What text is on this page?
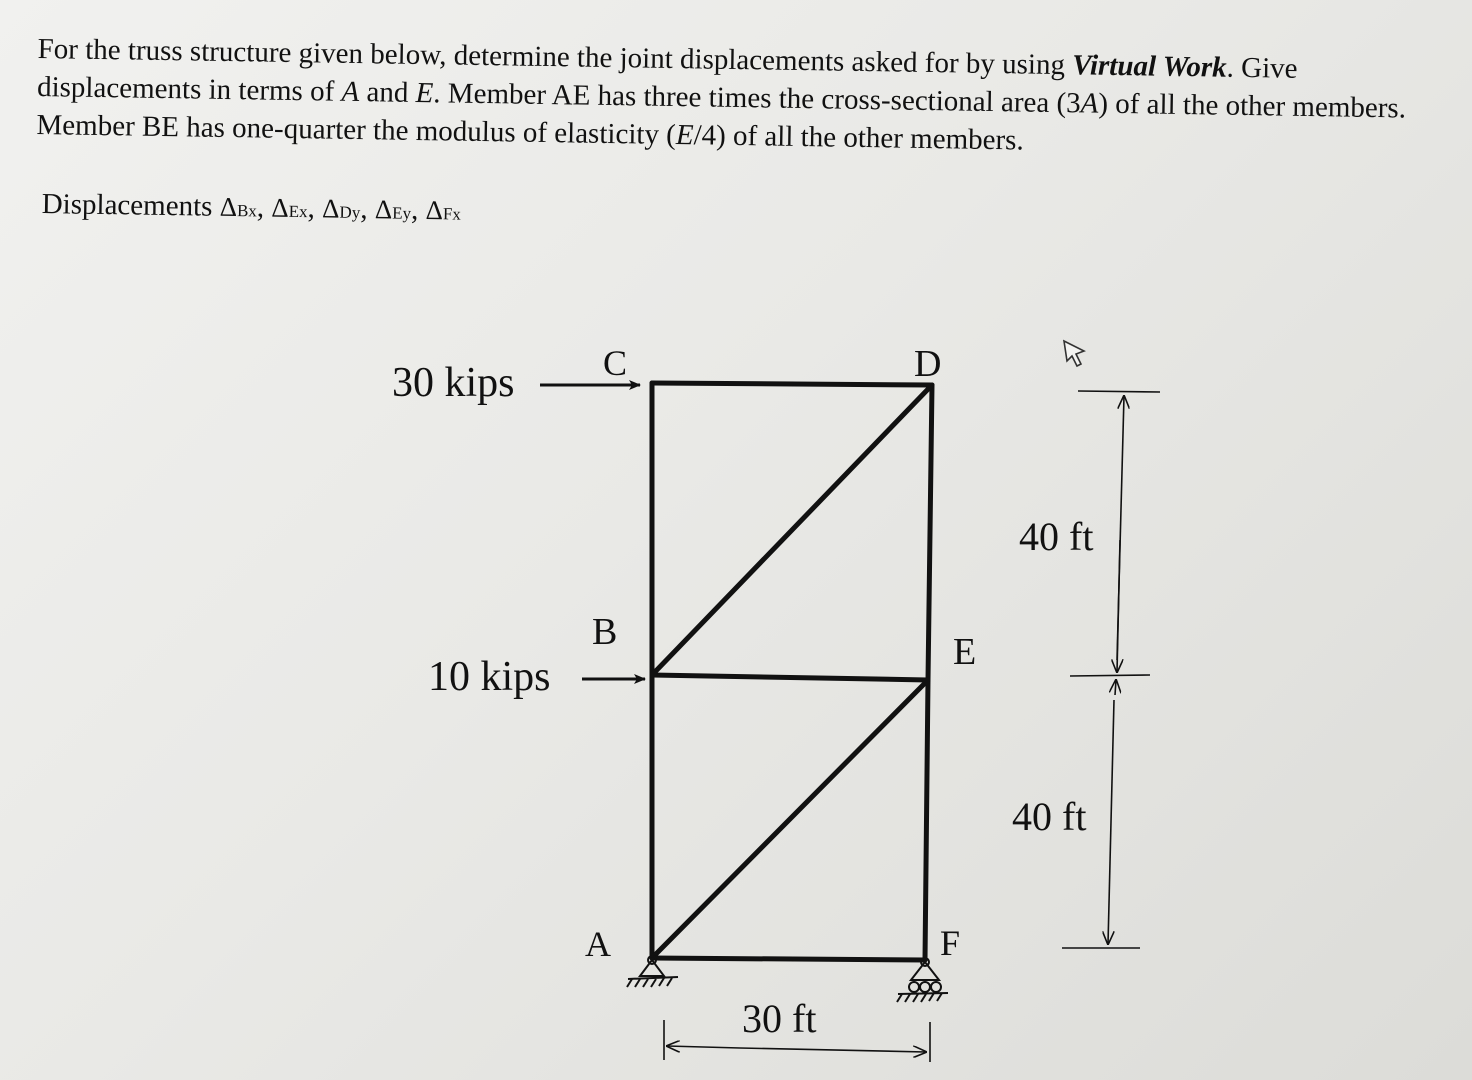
For the truss structure given below, determine the joint displacements asked for by using Virtual Work. Give displacements in terms of A and E. Member AE has three times the cross-sectional area (3A) of all the other members. Member BE has one-quarter the modulus of elasticity (E/4) of all the other members.

Displacements ΔBx, ΔEx, ΔDy, ΔEy, ΔFx
C	D
B	E
A	F
30 kips
10 kips
40 ft
40 ft
30 ft
